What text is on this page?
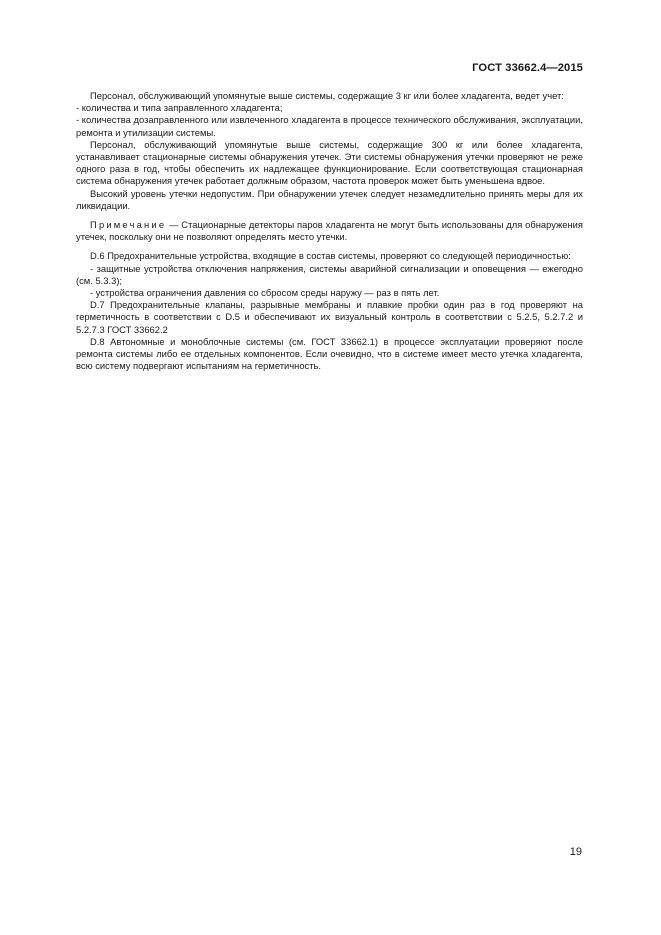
ГОСТ 33662.4—2015

Персонал, обслуживающий упомянутые выше системы, содержащие 3 кг или более хладагента, ведет учет:

- количества и типа заправленного хладагента;

- количества дозаправленного или извлеченного хладагента в процессе технического обслуживания, эксплуатации, ремонта и утилизации системы.

Персонал, обслуживающий упомянутые выше системы, содержащие 300 кг или более хладагента, устанавливает стационарные системы обнаружения утечек. Эти системы обнаружения утечки проверяют не реже одного раза в год, чтобы обеспечить их надлежащее функционирование. Если соответствующая стационарная система обнаружения утечек работает должным образом, частота проверок может быть уменьшена вдвое.

Высокий уровень утечки недопустим. При обнаружении утечек следует незамедлительно принять меры для их ликвидации.

Примечание — Стационарные детекторы паров хладагента не могут быть использованы для обнаружения утечек, поскольку они не позволяют определять место утечки.

D.6 Предохранительные устройства, входящие в состав системы, проверяют со следующей периодичностью:

- защитные устройства отключения напряжения, системы аварийной сигнализации и оповещения — ежегодно (см. 5.3.3);

- устройства ограничения давления со сбросом среды наружу — раз в пять лет.

D.7 Предохранительные клапаны, разрывные мембраны и плавкие пробки один раз в год проверяют на герметичность в соответствии с D.5 и обеспечивают их визуальный контроль в соответствии с 5.2.5, 5.2.7.2 и 5.2.7.3 ГОСТ 33662.2

D.8 Автономные и моноблочные системы (см. ГОСТ 33662.1) в процессе эксплуатации проверяют после ремонта системы либо ее отдельных компонентов. Если очевидно, что в системе имеет место утечка хладагента, всю систему подвергают испытаниям на герметичность.

19
